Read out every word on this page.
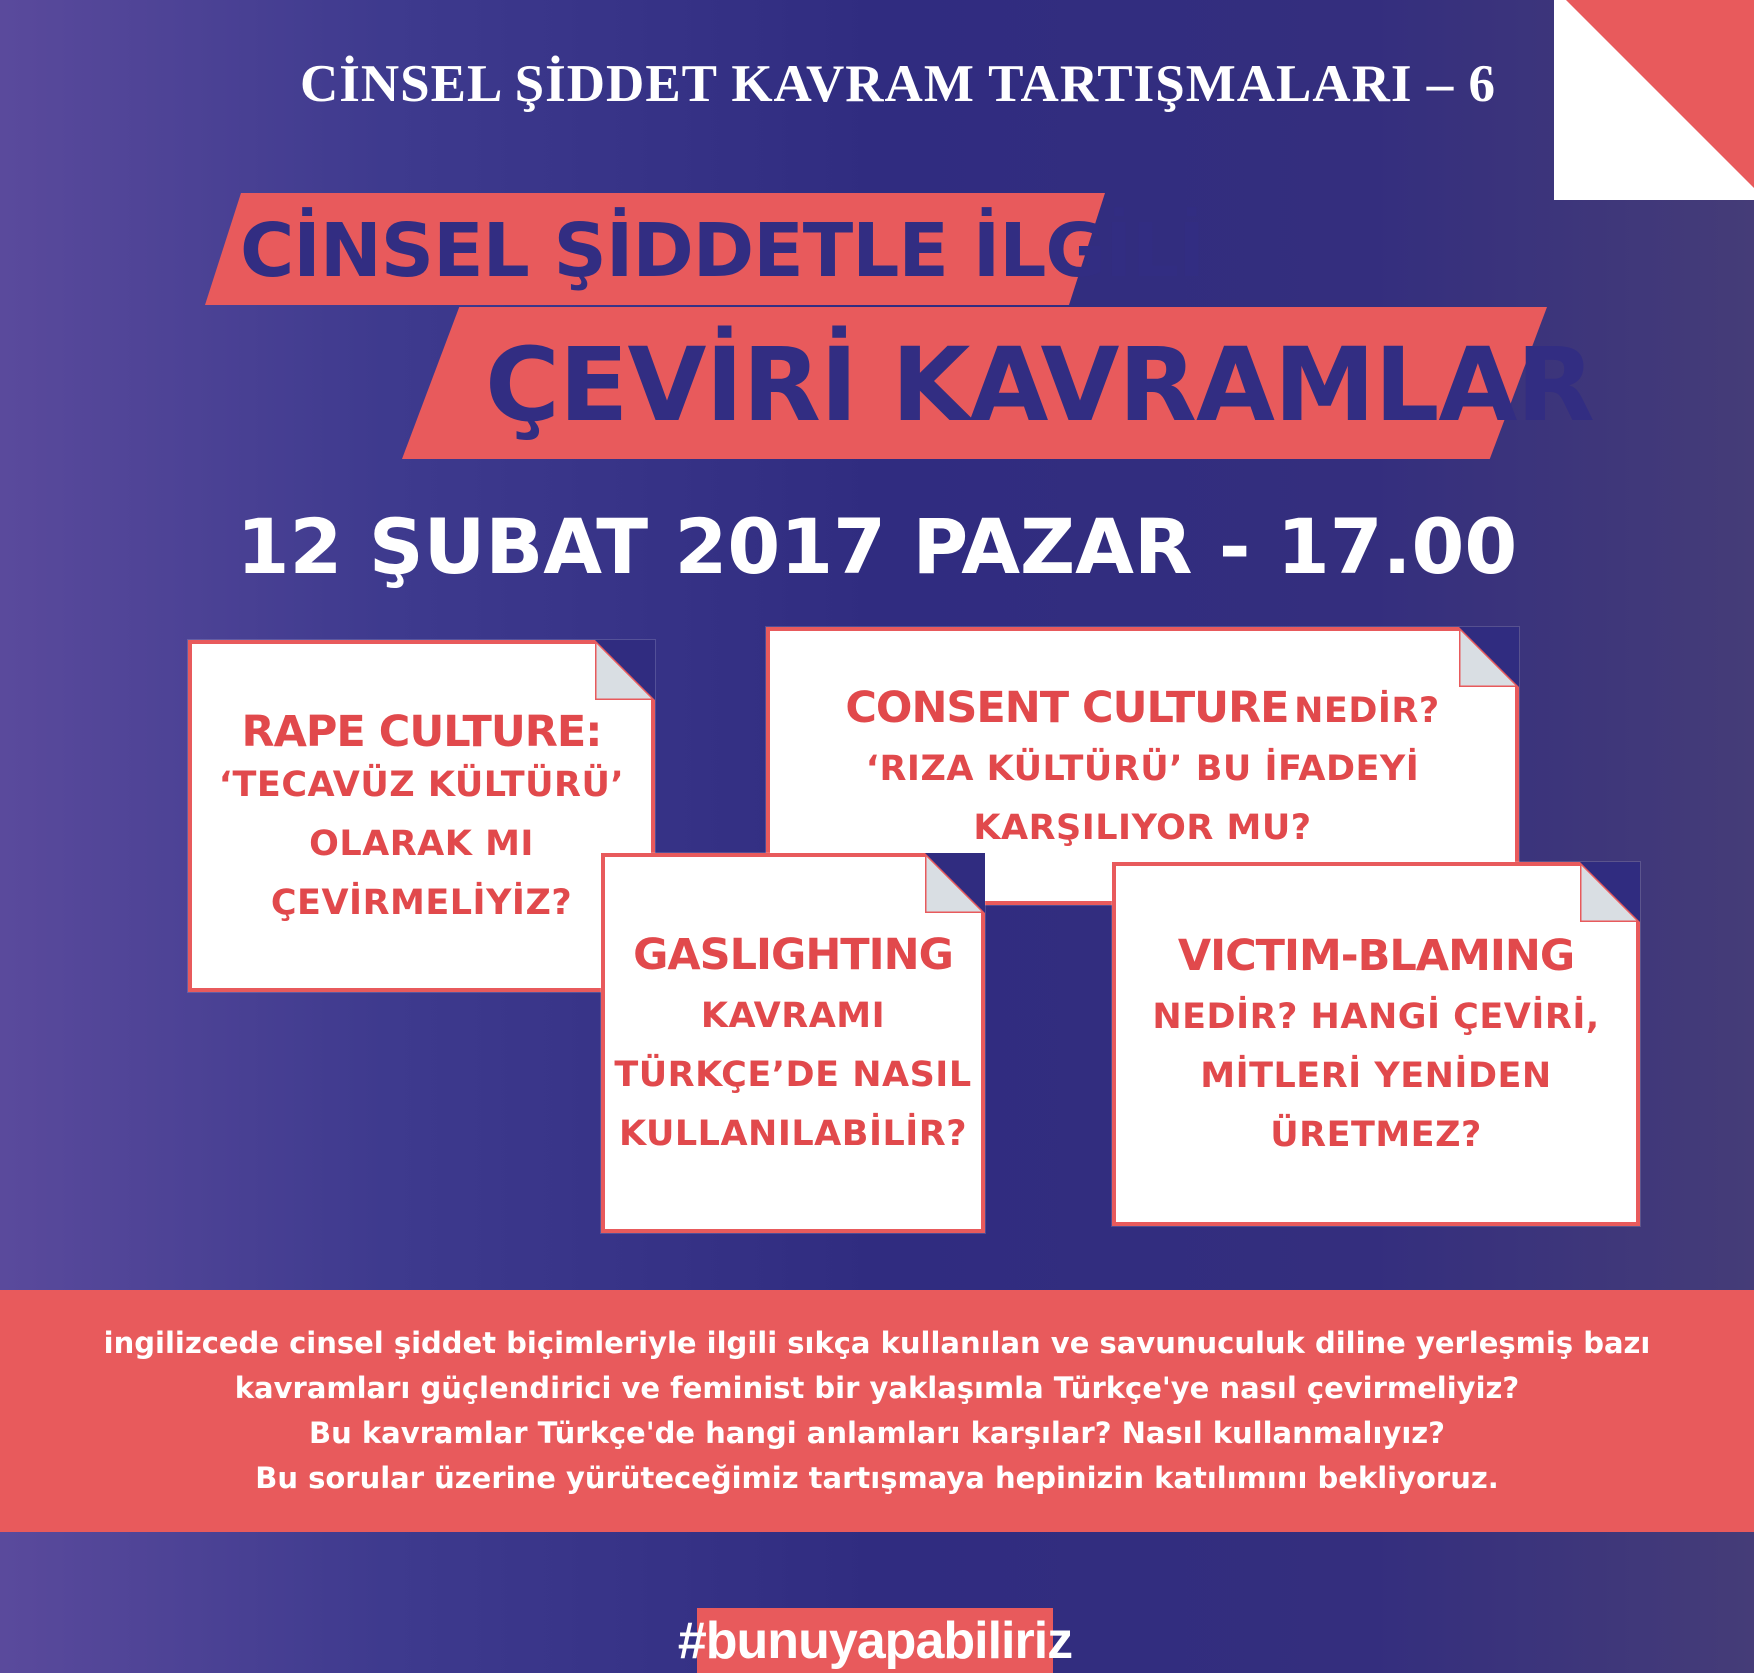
CİNSEL ŞİDDET KAVRAM TARTIŞMALARI – 6
CİNSEL ŞİDDETLE İLGİLİ
ÇEVİRİ KAVRAMLAR
12 ŞUBAT 2017 PAZAR - 17.00
RAPE CULTURE:
‘TECAVÜZ KÜLTÜRÜ’
OLARAK MI
ÇEVİRMELİYİZ?
CONSENT CULTURE NEDİR?
‘RIZA KÜLTÜRÜ’ BU İFADEYİ
KARŞILIYOR MU?
GASLIGHTING
KAVRAMI
TÜRKÇE’DE NASIL
KULLANILABİLİR?
VICTIM-BLAMING
NEDİR? HANGİ ÇEVİRİ,
MİTLERİ YENİDEN
ÜRETMEZ?
ingilizcede cinsel şiddet biçimleriyle ilgili sıkça kullanılan ve savunuculuk diline yerleşmiş bazı
kavramları güçlendirici ve feminist bir yaklaşımla Türkçe'ye nasıl çevirmeliyiz?
Bu kavramlar Türkçe'de hangi anlamları karşılar? Nasıl kullanmalıyız?
Bu sorular üzerine yürüteceğimiz tartışmaya hepinizin katılımını bekliyoruz.
#bunuyapabiliriz
